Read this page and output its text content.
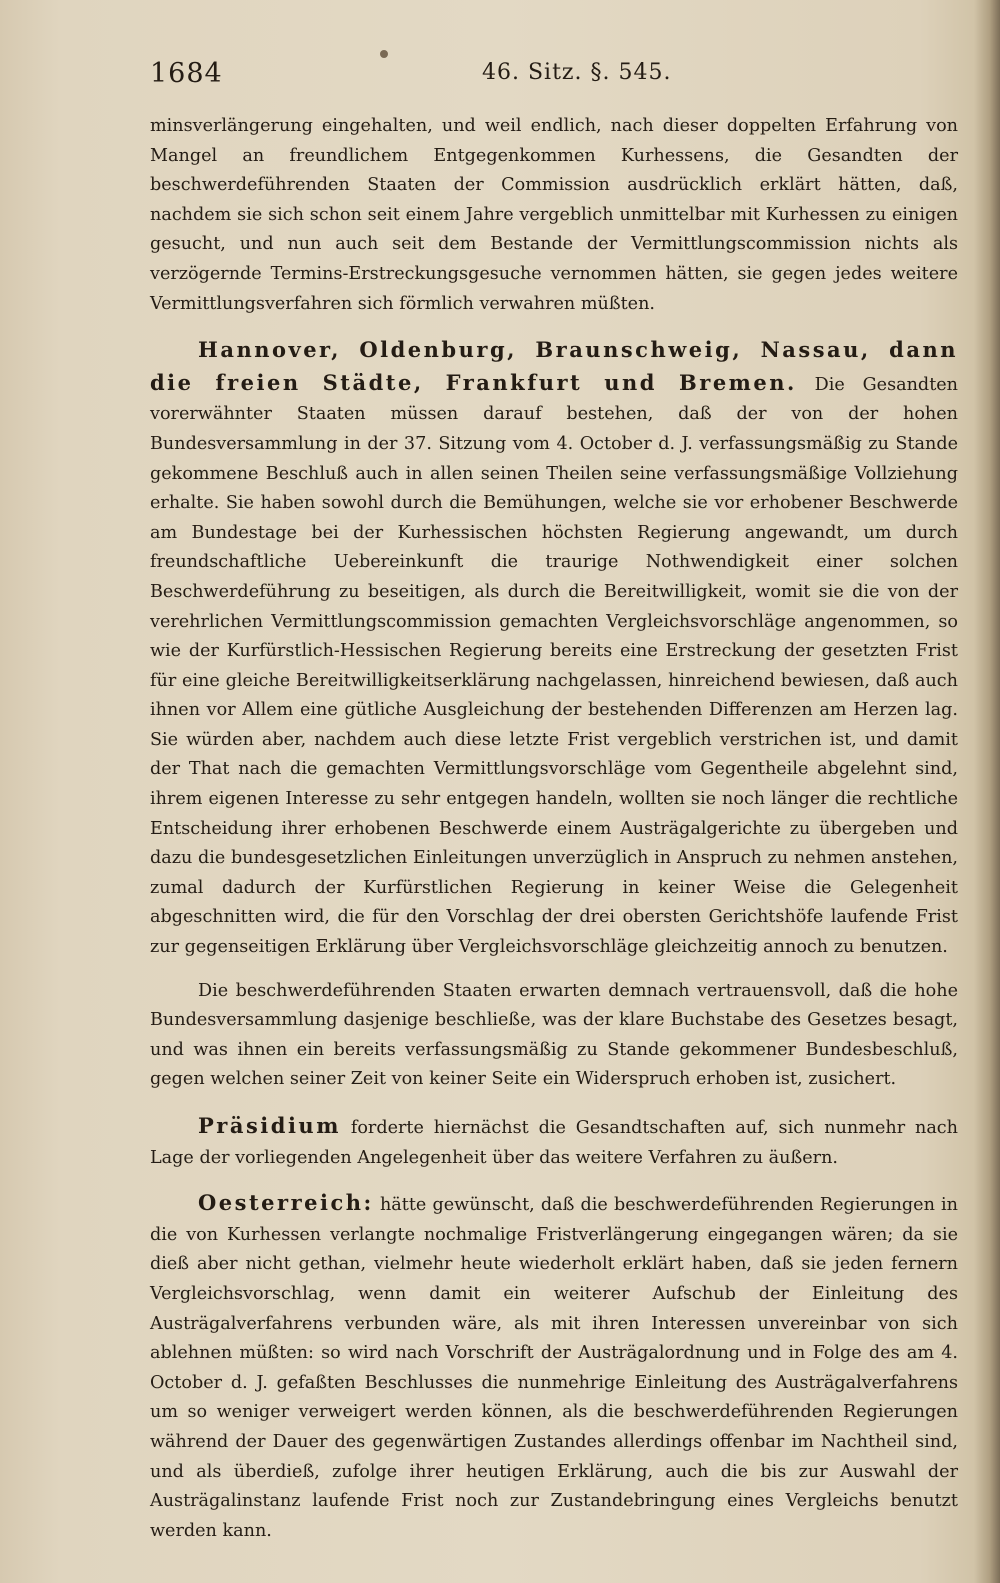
1684	46. Sitz. §. 545.

minsverlängerung eingehalten, und weil endlich, nach dieser doppelten Erfahrung von Mangel an freundlichem Entgegenkommen Kurhessens, die Gesandten der beschwerdeführenden Staaten der Commission ausdrücklich erklärt hätten, daß, nachdem sie sich schon seit einem Jahre vergeblich unmittelbar mit Kurhessen zu einigen gesucht, und nun auch seit dem Bestande der Vermittlungscommission nichts als verzögernde Termins-Erstreckungsgesuche vernommen hätten, sie gegen jedes weitere Vermittlungsverfahren sich förmlich verwahren müßten.

Hannover, Oldenburg, Braunschweig, Nassau, dann die freien Städte, Frankfurt und Bremen. Die Gesandten vorerwähnter Staaten müssen darauf bestehen, daß der von der hohen Bundesversammlung in der 37. Sitzung vom 4. October d. J. verfassungsmäßig zu Stande gekommene Beschluß auch in allen seinen Theilen seine verfassungsmäßige Vollziehung erhalte. Sie haben sowohl durch die Bemühungen, welche sie vor erhobener Beschwerde am Bundestage bei der Kurhessischen höchsten Regierung angewandt, um durch freundschaftliche Uebereinkunft die traurige Nothwendigkeit einer solchen Beschwerdeführung zu beseitigen, als durch die Bereitwilligkeit, womit sie die von der verehrlichen Vermittlungscommission gemachten Vergleichsvorschläge angenommen, so wie der Kurfürstlich-Hessischen Regierung bereits eine Erstreckung der gesetzten Frist für eine gleiche Bereitwilligkeitserklärung nachgelassen, hinreichend bewiesen, daß auch ihnen vor Allem eine gütliche Ausgleichung der bestehenden Differenzen am Herzen lag. Sie würden aber, nachdem auch diese letzte Frist vergeblich verstrichen ist, und damit der That nach die gemachten Vermittlungsvorschläge vom Gegentheile abgelehnt sind, ihrem eigenen Interesse zu sehr entgegen handeln, wollten sie noch länger die rechtliche Entscheidung ihrer erhobenen Beschwerde einem Austrägalgerichte zu übergeben und dazu die bundesgesetzlichen Einleitungen unverzüglich in Anspruch zu nehmen anstehen, zumal dadurch der Kurfürstlichen Regierung in keiner Weise die Gelegenheit abgeschnitten wird, die für den Vorschlag der drei obersten Gerichtshöfe laufende Frist zur gegenseitigen Erklärung über Vergleichsvorschläge gleichzeitig annoch zu benutzen.

Die beschwerdeführenden Staaten erwarten demnach vertrauensvoll, daß die hohe Bundesversammlung dasjenige beschließe, was der klare Buchstabe des Gesetzes besagt, und was ihnen ein bereits verfassungsmäßig zu Stande gekommener Bundesbeschluß, gegen welchen seiner Zeit von keiner Seite ein Widerspruch erhoben ist, zusichert.

Präsidium forderte hiernächst die Gesandtschaften auf, sich nunmehr nach Lage der vorliegenden Angelegenheit über das weitere Verfahren zu äußern.

Oesterreich: hätte gewünscht, daß die beschwerdeführenden Regierungen in die von Kurhessen verlangte nochmalige Fristverlängerung eingegangen wären; da sie dieß aber nicht gethan, vielmehr heute wiederholt erklärt haben, daß sie jeden fernern Vergleichsvorschlag, wenn damit ein weiterer Aufschub der Einleitung des Austrägalverfahrens verbunden wäre, als mit ihren Interessen unvereinbar von sich ablehnen müßten: so wird nach Vorschrift der Austrägalordnung und in Folge des am 4. October d. J. gefaßten Beschlusses die nunmehrige Einleitung des Austrägalverfahrens um so weniger verweigert werden können, als die beschwerdeführenden Regierungen während der Dauer des gegenwärtigen Zustandes allerdings offenbar im Nachtheil sind, und als überdieß, zufolge ihrer heutigen Erklärung, auch die bis zur Auswahl der Austrägalinstanz laufende Frist noch zur Zustandebringung eines Vergleichs benutzt werden kann.
